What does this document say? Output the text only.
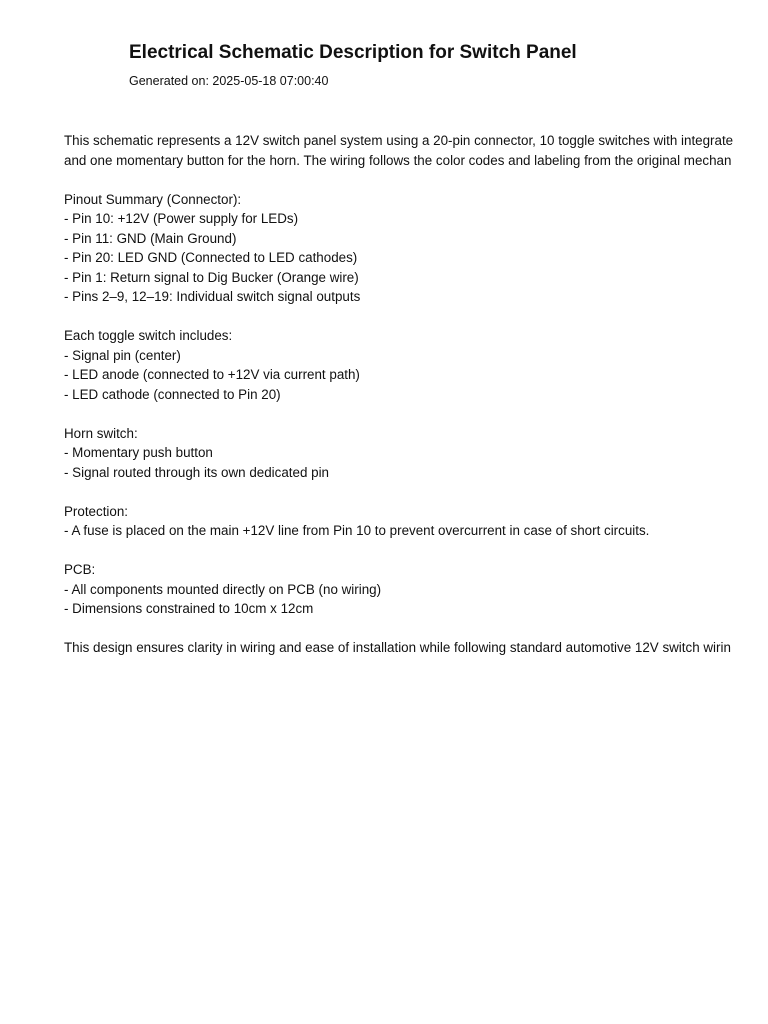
Electrical Schematic Description for Switch Panel

Generated on: 2025-05-18 07:00:40

This schematic represents a 12V switch panel system using a 20-pin connector, 10 toggle switches with integrate
and one momentary button for the horn. The wiring follows the color codes and labeling from the original mechan
Pinout Summary (Connector):
- Pin 10: +12V (Power supply for LEDs)
- Pin 11: GND (Main Ground)
- Pin 20: LED GND (Connected to LED cathodes)
- Pin 1: Return signal to Dig Bucker (Orange wire)
- Pins 2–9, 12–19: Individual switch signal outputs
Each toggle switch includes:
- Signal pin (center)
- LED anode (connected to +12V via current path)
- LED cathode (connected to Pin 20)
Horn switch:
- Momentary push button
- Signal routed through its own dedicated pin
Protection:
- A fuse is placed on the main +12V line from Pin 10 to prevent overcurrent in case of short circuits.
PCB:
- All components mounted directly on PCB (no wiring)
- Dimensions constrained to 10cm x 12cm
This design ensures clarity in wiring and ease of installation while following standard automotive 12V switch wirin
